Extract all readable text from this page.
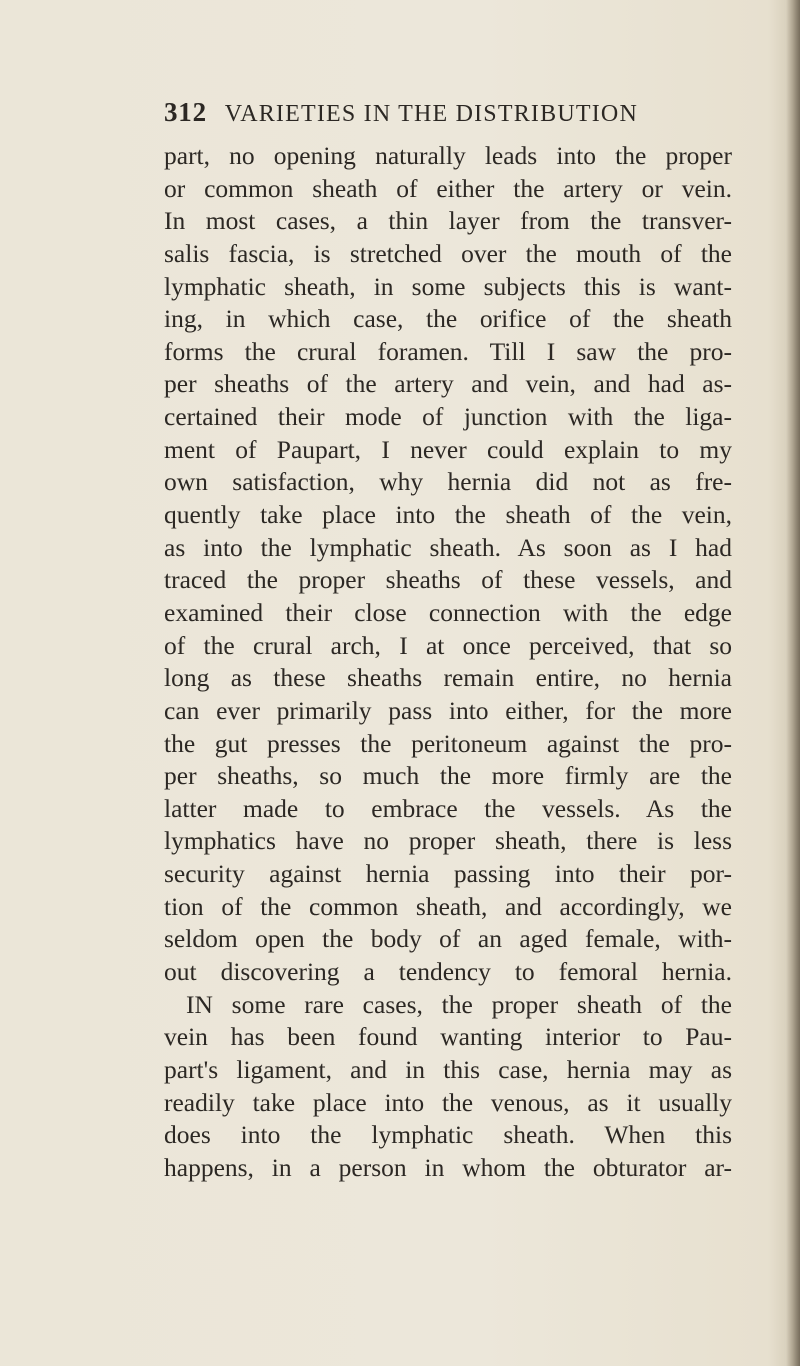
312 VARIETIES IN THE DISTRIBUTION
part, no opening naturally leads into the proper
or common sheath of either the artery or vein.
In most cases, a thin layer from the transver-
salis fascia, is stretched over the mouth of the
lymphatic sheath, in some subjects this is want-
ing, in which case, the orifice of the sheath
forms the crural foramen. Till I saw the pro-
per sheaths of the artery and vein, and had as-
certained their mode of junction with the liga-
ment of Paupart, I never could explain to my
own satisfaction, why hernia did not as fre-
quently take place into the sheath of the vein,
as into the lymphatic sheath. As soon as I had
traced the proper sheaths of these vessels, and
examined their close connection with the edge
of the crural arch, I at once perceived, that so
long as these sheaths remain entire, no hernia
can ever primarily pass into either, for the more
the gut presses the peritoneum against the pro-
per sheaths, so much the more firmly are the
latter made to embrace the vessels. As the
lymphatics have no proper sheath, there is less
security against hernia passing into their por-
tion of the common sheath, and accordingly, we
seldom open the body of an aged female, with-
out discovering a tendency to femoral hernia.
IN some rare cases, the proper sheath of the
vein has been found wanting interior to Pau-
part's ligament, and in this case, hernia may as
readily take place into the venous, as it usually
does into the lymphatic sheath. When this
happens, in a person in whom the obturator ar-
